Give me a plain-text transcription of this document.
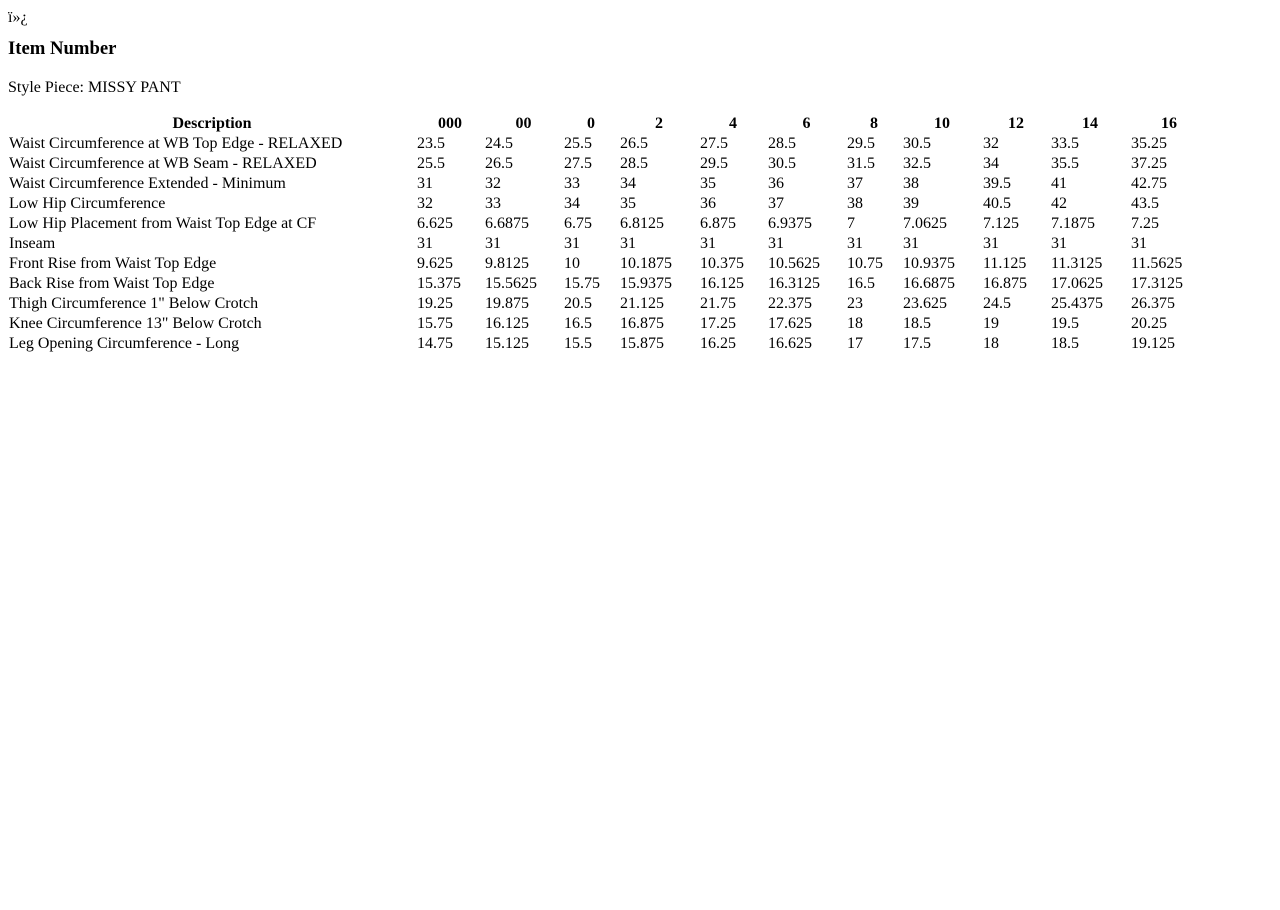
ï»¿
Item Number
Style Piece: MISSY PANT
Description	000	00	0	2	4	6	8	10	12	14	16
Waist Circumference at WB Top Edge - RELAXED	23.5	24.5	25.5	26.5	27.5	28.5	29.5	30.5	32	33.5	35.25
Waist Circumference at WB Seam - RELAXED	25.5	26.5	27.5	28.5	29.5	30.5	31.5	32.5	34	35.5	37.25
Waist Circumference Extended - Minimum	31	32	33	34	35	36	37	38	39.5	41	42.75
Low Hip Circumference	32	33	34	35	36	37	38	39	40.5	42	43.5
Low Hip Placement from Waist Top Edge at CF	6.625	6.6875	6.75	6.8125	6.875	6.9375	7	7.0625	7.125	7.1875	7.25
Inseam	31	31	31	31	31	31	31	31	31	31	31
Front Rise from Waist Top Edge	9.625	9.8125	10	10.1875	10.375	10.5625	10.75	10.9375	11.125	11.3125	11.5625
Back Rise from Waist Top Edge	15.375	15.5625	15.75	15.9375	16.125	16.3125	16.5	16.6875	16.875	17.0625	17.3125
Thigh Circumference 1" Below Crotch	19.25	19.875	20.5	21.125	21.75	22.375	23	23.625	24.5	25.4375	26.375
Knee Circumference 13" Below Crotch	15.75	16.125	16.5	16.875	17.25	17.625	18	18.5	19	19.5	20.25
Leg Opening Circumference - Long	14.75	15.125	15.5	15.875	16.25	16.625	17	17.5	18	18.5	19.125
